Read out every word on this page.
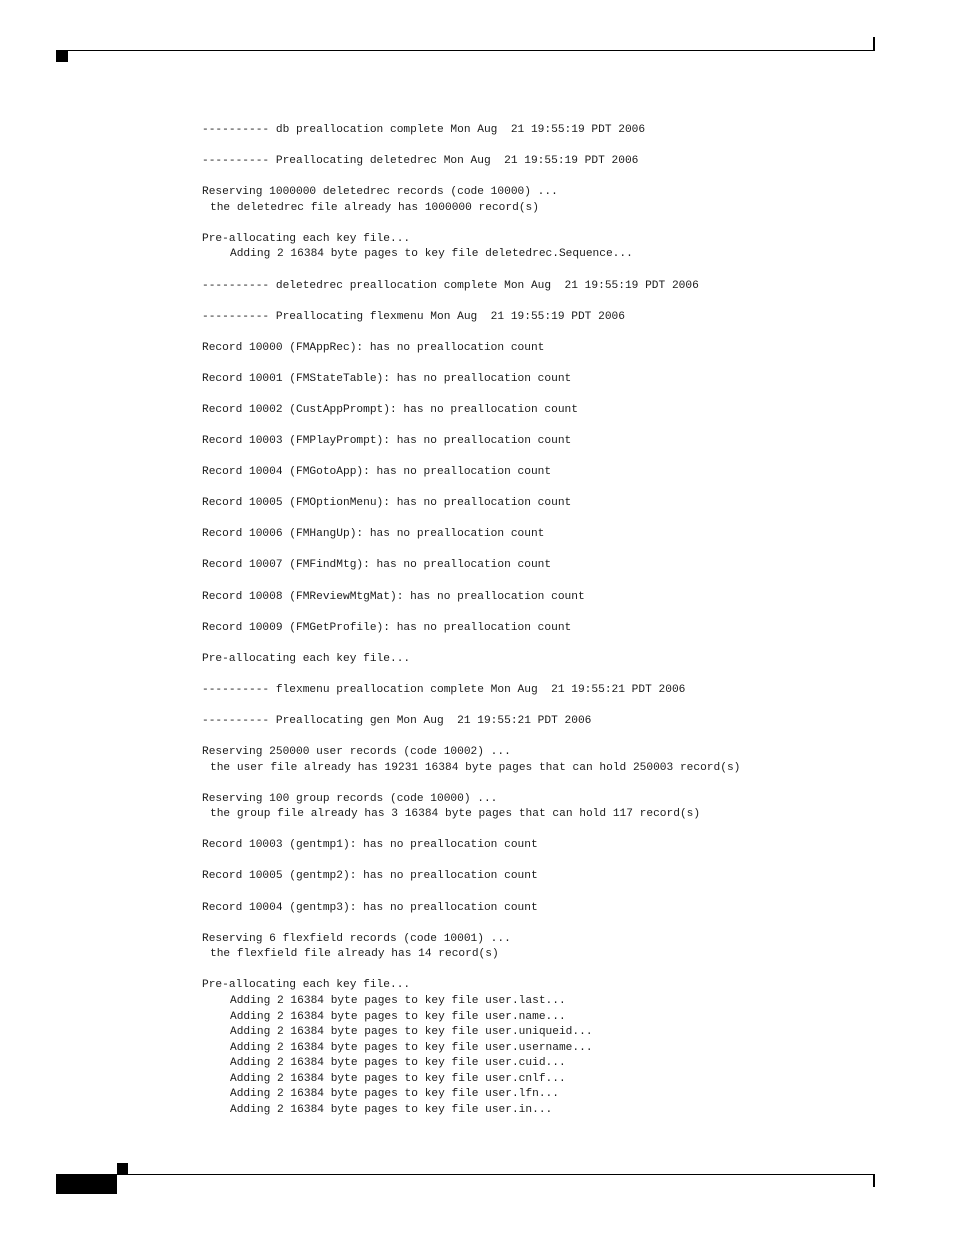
---------- db preallocation complete Mon Aug  21 19:55:19 PDT 2006
---------- Preallocating deletedrec Mon Aug  21 19:55:19 PDT 2006
Reserving 1000000 deletedrec records (code 10000) ...
the deletedrec file already has 1000000 record(s)
Pre-allocating each key file...
Adding 2 16384 byte pages to key file deletedrec.Sequence...
---------- deletedrec preallocation complete Mon Aug  21 19:55:19 PDT 2006
---------- Preallocating flexmenu Mon Aug  21 19:55:19 PDT 2006
Record 10000 (FMAppRec): has no preallocation count
Record 10001 (FMStateTable): has no preallocation count
Record 10002 (CustAppPrompt): has no preallocation count
Record 10003 (FMPlayPrompt): has no preallocation count
Record 10004 (FMGotoApp): has no preallocation count
Record 10005 (FMOptionMenu): has no preallocation count
Record 10006 (FMHangUp): has no preallocation count
Record 10007 (FMFindMtg): has no preallocation count
Record 10008 (FMReviewMtgMat): has no preallocation count
Record 10009 (FMGetProfile): has no preallocation count
Pre-allocating each key file...
---------- flexmenu preallocation complete Mon Aug  21 19:55:21 PDT 2006
---------- Preallocating gen Mon Aug  21 19:55:21 PDT 2006
Reserving 250000 user records (code 10002) ...
the user file already has 19231 16384 byte pages that can hold 250003 record(s)
Reserving 100 group records (code 10000) ...
the group file already has 3 16384 byte pages that can hold 117 record(s)
Record 10003 (gentmp1): has no preallocation count
Record 10005 (gentmp2): has no preallocation count
Record 10004 (gentmp3): has no preallocation count
Reserving 6 flexfield records (code 10001) ...
the flexfield file already has 14 record(s)
Pre-allocating each key file...
Adding 2 16384 byte pages to key file user.last...
Adding 2 16384 byte pages to key file user.name...
Adding 2 16384 byte pages to key file user.uniqueid...
Adding 2 16384 byte pages to key file user.username...
Adding 2 16384 byte pages to key file user.cuid...
Adding 2 16384 byte pages to key file user.cnlf...
Adding 2 16384 byte pages to key file user.lfn...
Adding 2 16384 byte pages to key file user.in...
